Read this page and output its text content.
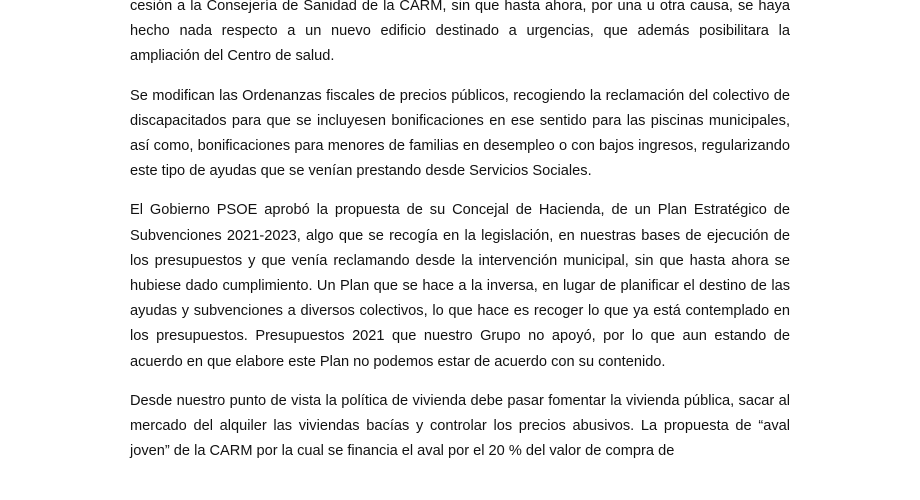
cesión a la Consejería de Sanidad de la CARM, sin que hasta ahora, por una u otra causa, se haya hecho nada respecto a un nuevo edificio destinado a urgencias, que además posibilitara la ampliación del Centro de salud.

Se modifican las Ordenanzas fiscales de precios públicos, recogiendo la reclamación del colectivo de discapacitados para que se incluyesen bonificaciones en ese sentido para las piscinas municipales, así como, bonificaciones para menores de familias en desempleo o con bajos ingresos, regularizando este tipo de ayudas que se venían prestando desde Servicios Sociales.

El Gobierno PSOE aprobó la propuesta de su Concejal de Hacienda, de un Plan Estratégico de Subvenciones 2021-2023, algo que se recogía en la legislación, en nuestras bases de ejecución de los presupuestos y que venía reclamando desde la intervención municipal, sin que hasta ahora se hubiese dado cumplimiento. Un Plan que se hace a la inversa, en lugar de planificar el destino de las ayudas y subvenciones a diversos colectivos, lo que hace es recoger lo que ya está contemplado en los presupuestos. Presupuestos 2021 que nuestro Grupo no apoyó, por lo que aun estando de acuerdo en que elabore este Plan no podemos estar de acuerdo con su contenido.

Desde nuestro punto de vista la política de vivienda debe pasar fomentar la vivienda pública, sacar al mercado del alquiler las viviendas bacías y controlar los precios abusivos. La propuesta de “aval joven” de la CARM por la cual se financia el aval por el 20 % del valor de compra de
